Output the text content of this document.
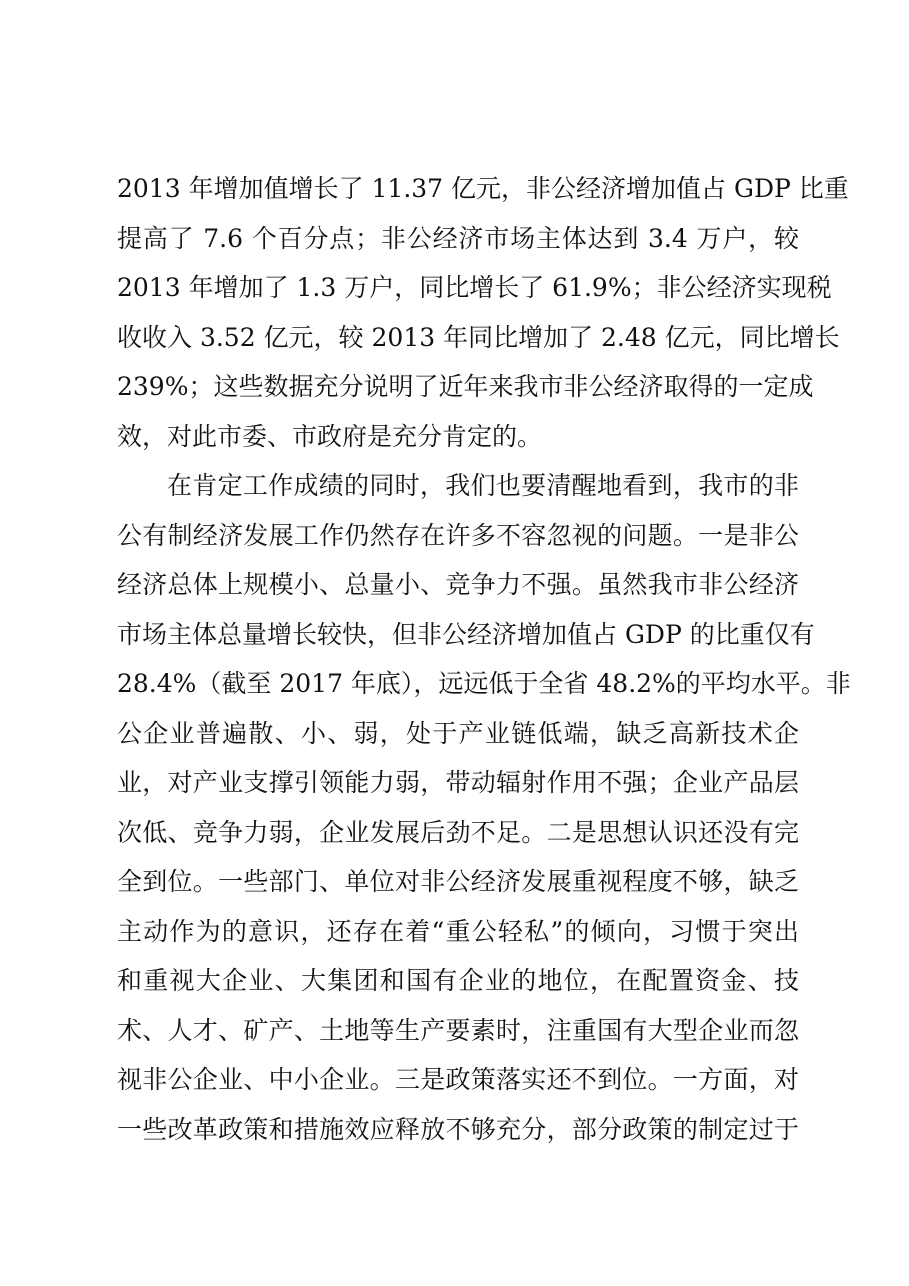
2013 年增加值增长了 11.37 亿元，非公经济增加值占 GDP 比重
提高了 7.6 个百分点；非公经济市场主体达到 3.4 万户，较
2013 年增加了 1.3 万户，同比增长了 61.9%；非公经济实现税
收收入 3.52 亿元，较 2013 年同比增加了 2.48 亿元，同比增长
239%；这些数据充分说明了近年来我市非公经济取得的一定成
效，对此市委、市政府是充分肯定的。
在肯定工作成绩的同时，我们也要清醒地看到，我市的非
公有制经济发展工作仍然存在许多不容忽视的问题。一是非公
经济总体上规模小、总量小、竞争力不强。虽然我市非公经济
市场主体总量增长较快，但非公经济增加值占 GDP 的比重仅有
28.4%（截至 2017 年底），远远低于全省 48.2%的平均水平。非
公企业普遍散、小、弱，处于产业链低端，缺乏高新技术企
业，对产业支撑引领能力弱，带动辐射作用不强；企业产品层
次低、竞争力弱，企业发展后劲不足。二是思想认识还没有完
全到位。一些部门、单位对非公经济发展重视程度不够，缺乏
主动作为的意识，还存在着“重公轻私”的倾向，习惯于突出
和重视大企业、大集团和国有企业的地位，在配置资金、技
术、人才、矿产、土地等生产要素时，注重国有大型企业而忽
视非公企业、中小企业。三是政策落实还不到位。一方面，对
一些改革政策和措施效应释放不够充分，部分政策的制定过于
